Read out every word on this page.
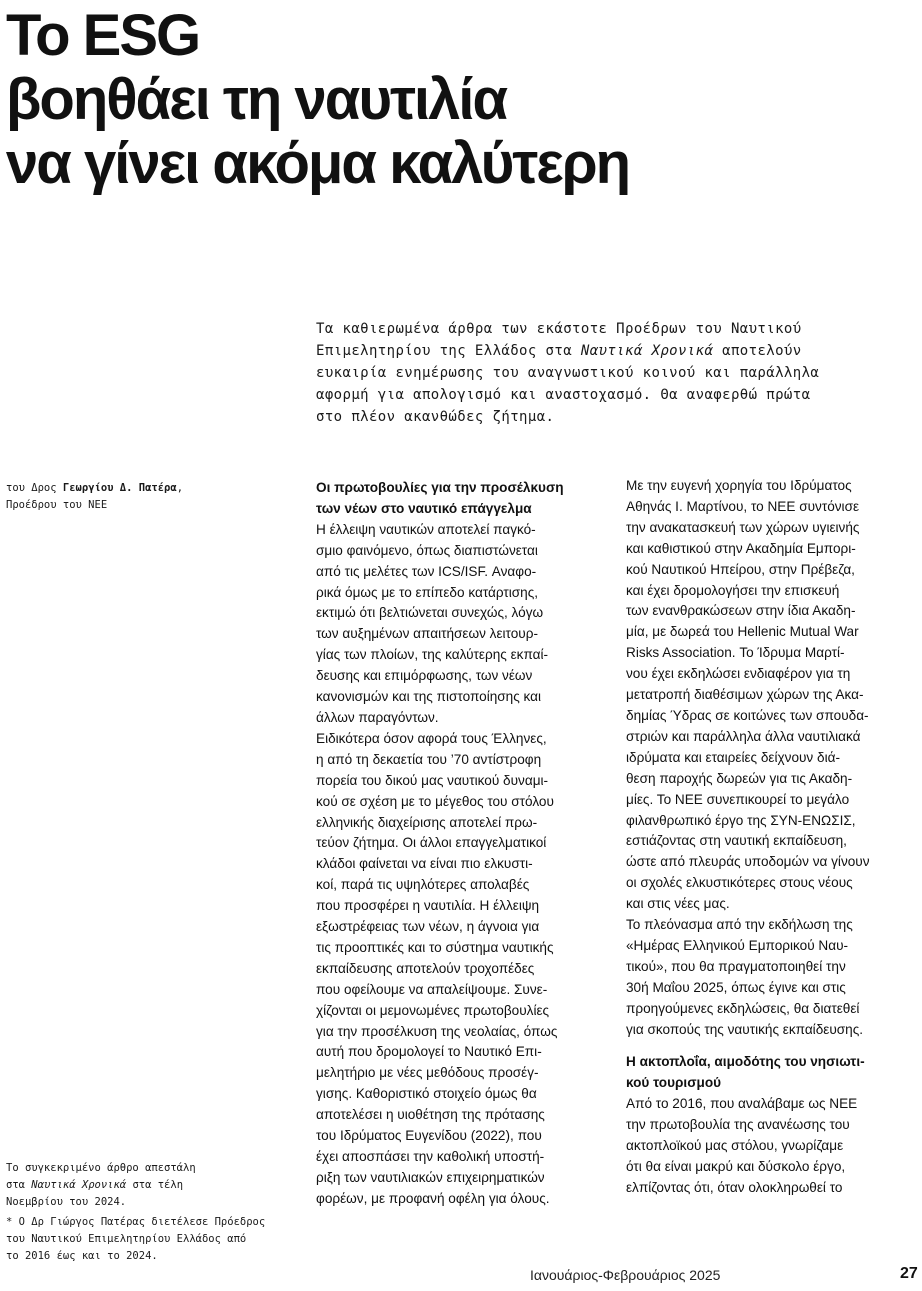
Το ESG
βοηθάει τη ναυτιλία
να γίνει ακόμα καλύτερη

Τα καθιερωμένα άρθρα των εκάστοτε Προέδρων του Ναυτικού
Επιμελητηρίου της Ελλάδος στα Ναυτικά Χρονικά αποτελούν
ευκαιρία ενημέρωσης του αναγνωστικού κοινού και παράλληλα
αφορμή για απολογισμό και αναστοχασμό. Θα αναφερθώ πρώτα
στο πλέον ακανθώδες ζήτημα.

του Δρος Γεωργίου Δ. Πατέρα,
Προέδρου του ΝΕΕ
Οι πρωτοβουλίες για την προσέλκυση
των νέων στο ναυτικό επάγγελμα
Η έλλειψη ναυτικών αποτελεί παγκό-
σμιο φαινόμενο, όπως διαπιστώνεται
από τις μελέτες των ICS/ISF. Αναφο-
ρικά όμως με το επίπεδο κατάρτισης,
εκτιμώ ότι βελτιώνεται συνεχώς, λόγω
των αυξημένων απαιτήσεων λειτουρ-
γίας των πλοίων, της καλύτερης εκπαί-
δευσης και επιμόρφωσης, των νέων
κανονισμών και της πιστοποίησης και
άλλων παραγόντων.
Ειδικότερα όσον αφορά τους Έλληνες,
η από τη δεκαετία του ’70 αντίστροφη
πορεία του δικού μας ναυτικού δυναμι-
κού σε σχέση με το μέγεθος του στόλου
ελληνικής διαχείρισης αποτελεί πρω-
τεύον ζήτημα. Οι άλλοι επαγγελματικοί
κλάδοι φαίνεται να είναι πιο ελκυστι-
κοί, παρά τις υψηλότερες απολαβές
που προσφέρει η ναυτιλία. Η έλλειψη
εξωστρέφειας των νέων, η άγνοια για
τις προοπτικές και το σύστημα ναυτικής
εκπαίδευσης αποτελούν τροχοπέδες
που οφείλουμε να απαλείψουμε. Συνε-
χίζονται οι μεμονωμένες πρωτοβουλίες
για την προσέλκυση της νεολαίας, όπως
αυτή που δρομολογεί το Ναυτικό Επι-
μελητήριο με νέες μεθόδους προσέγ-
γισης. Καθοριστικό στοιχείο όμως θα
αποτελέσει η υιοθέτηση της πρότασης
του Ιδρύματος Ευγενίδου (2022), που
έχει αποσπάσει την καθολική υποστή-
ριξη των ναυτιλιακών επιχειρηματικών
φορέων, με προφανή οφέλη για όλους.
Με την ευγενή χορηγία του Ιδρύματος
Αθηνάς Ι. Μαρτίνου, το ΝΕΕ συντόνισε
την ανακατασκευή των χώρων υγιεινής
και καθιστικού στην Ακαδημία Εμπορι-
κού Ναυτικού Ηπείρου, στην Πρέβεζα,
και έχει δρομολογήσει την επισκευή
των ενανθρακώσεων στην ίδια Ακαδη-
μία, με δωρεά του Hellenic Mutual War
Risks Association. Το Ίδρυμα Μαρτί-
νου έχει εκδηλώσει ενδιαφέρον για τη
μετατροπή διαθέσιμων χώρων της Ακα-
δημίας Ύδρας σε κοιτώνες των σπουδα-
στριών και παράλληλα άλλα ναυτιλιακά
ιδρύματα και εταιρείες δείχνουν διά-
θεση παροχής δωρεών για τις Ακαδη-
μίες. Το ΝΕΕ συνεπικουρεί το μεγάλο
φιλανθρωπικό έργο της ΣΥΝ-ΕΝΩΣΙΣ,
εστιάζοντας στη ναυτική εκπαίδευση,
ώστε από πλευράς υποδομών να γίνουν
οι σχολές ελκυστικότερες στους νέους
και στις νέες μας.
Το πλεόνασμα από την εκδήλωση της
«Ημέρας Ελληνικού Εμπορικού Ναυ-
τικού», που θα πραγματοποιηθεί την
30ή Μαΐου 2025, όπως έγινε και στις
προηγούμενες εκδηλώσεις, θα διατεθεί
για σκοπούς της ναυτικής εκπαίδευσης.
Η ακτοπλοΐα, αιμοδότης του νησιωτι-
κού τουρισμού
Από το 2016, που αναλάβαμε ως ΝΕΕ
την πρωτοβουλία της ανανέωσης του
ακτοπλοϊκού μας στόλου, γνωρίζαμε
ότι θα είναι μακρύ και δύσκολο έργο,
ελπίζοντας ότι, όταν ολοκληρωθεί το
Το συγκεκριμένο άρθρο απεστάλη
στα Ναυτικά Χρονικά στα τέλη
Νοεμβρίου του 2024.
* Ο Δρ Γιώργος Πατέρας διετέλεσε Πρόεδρος
του Ναυτικού Επιμελητηρίου Ελλάδος από
το 2016 έως και το 2024.
Ιανουάριος-Φεβρουάριος 2025	27
